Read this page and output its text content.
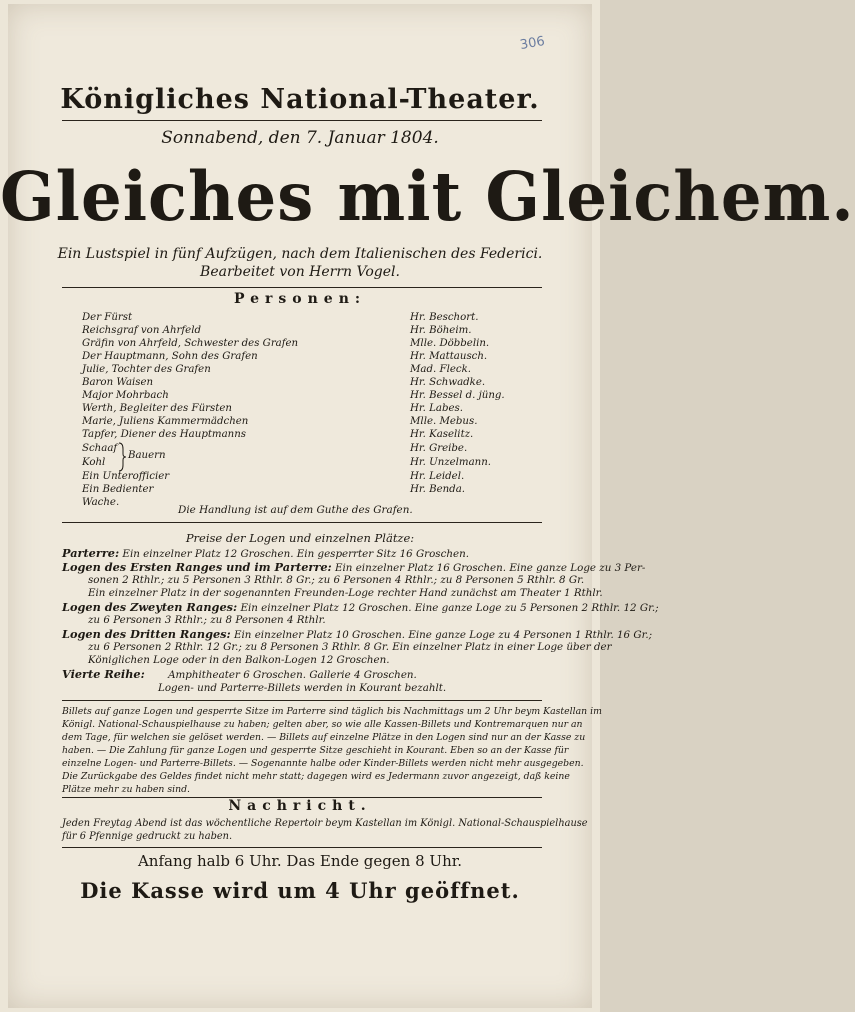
306
Königliches National-Theater.
Sonnabend, den 7. Januar 1804.
Gleiches mit Gleichem.
Ein Lustspiel in fünf Aufzügen, nach dem Italienischen des Federici.
Bearbeitet von Herrn Vogel.
Personen:
Der Fürst	Hr. Beschort.
Reichsgraf von Ahrfeld	Hr. Böheim.
Gräfin von Ahrfeld, Schwester des Grafen	Mlle. Döbbelin.
Der Hauptmann, Sohn des Grafen	Hr. Mattausch.
Julie, Tochter des Grafen	Mad. Fleck.
Baron Waisen	Hr. Schwadke.
Major Mohrbach	Hr. Bessel d. jüng.
Werth, Begleiter des Fürsten	Hr. Labes.
Marie, Juliens Kammermädchen	Mlle. Mebus.
Tapfer, Diener des Hauptmanns	Hr. Kaselitz.
Schaaf	Hr. Greibe.
Kohl	Hr. Unzelmann.
Bauern
Ein Unterofficier	Hr. Leidel.
Ein Bedienter	Hr. Benda.
Wache.
Die Handlung ist auf dem Guthe des Grafen.
Preise der Logen und einzelnen Plätze:
Parterre: Ein einzelner Platz 12 Groschen. Ein gesperrter Sitz 16 Groschen.
Logen des Ersten Ranges und im Parterre: Ein einzelner Platz 16 Groschen. Eine ganze Loge zu 3 Per-
sonen 2 Rthlr.; zu 5 Personen 3 Rthlr. 8 Gr.; zu 6 Personen 4 Rthlr.; zu 8 Personen 5 Rthlr. 8 Gr.
Ein einzelner Platz in der sogenannten Freunden-Loge rechter Hand zunächst am Theater 1 Rthlr.
Logen des Zweyten Ranges: Ein einzelner Platz 12 Groschen. Eine ganze Loge zu 5 Personen 2 Rthlr. 12 Gr.;
zu 6 Personen 3 Rthlr.; zu 8 Personen 4 Rthlr.
Logen des Dritten Ranges: Ein einzelner Platz 10 Groschen. Eine ganze Loge zu 4 Personen 1 Rthlr. 16 Gr.;
zu 6 Personen 2 Rthlr. 12 Gr.; zu 8 Personen 3 Rthlr. 8 Gr. Ein einzelner Platz in einer Loge über der
Königlichen Loge oder in den Balkon-Logen 12 Groschen.
Vierte Reihe: Amphitheater 6 Groschen. Gallerie 4 Groschen.
Logen- und Parterre-Billets werden in Kourant bezahlt.
Billets auf ganze Logen und gesperrte Sitze im Parterre sind täglich bis Nachmittags um 2 Uhr beym Kastellan im
Königl. National-Schauspielhause zu haben; gelten aber, so wie alle Kassen-Billets und Kontremarquen nur an
dem Tage, für welchen sie gelöset werden. — Billets auf einzelne Plätze in den Logen sind nur an der Kasse zu
haben. — Die Zahlung für ganze Logen und gesperrte Sitze geschieht in Kourant. Eben so an der Kasse für
einzelne Logen- und Parterre-Billets. — Sogenannte halbe oder Kinder-Billets werden nicht mehr ausgegeben.
Die Zurückgabe des Geldes findet nicht mehr statt; dagegen wird es Jedermann zuvor angezeigt, daß keine
Plätze mehr zu haben sind.
Nachricht.
Jeden Freytag Abend ist das wöchentliche Repertoir beym Kastellan im Königl. National-Schauspielhause
für 6 Pfennige gedruckt zu haben.
Anfang halb 6 Uhr. Das Ende gegen 8 Uhr.
Die Kasse wird um 4 Uhr geöffnet.
